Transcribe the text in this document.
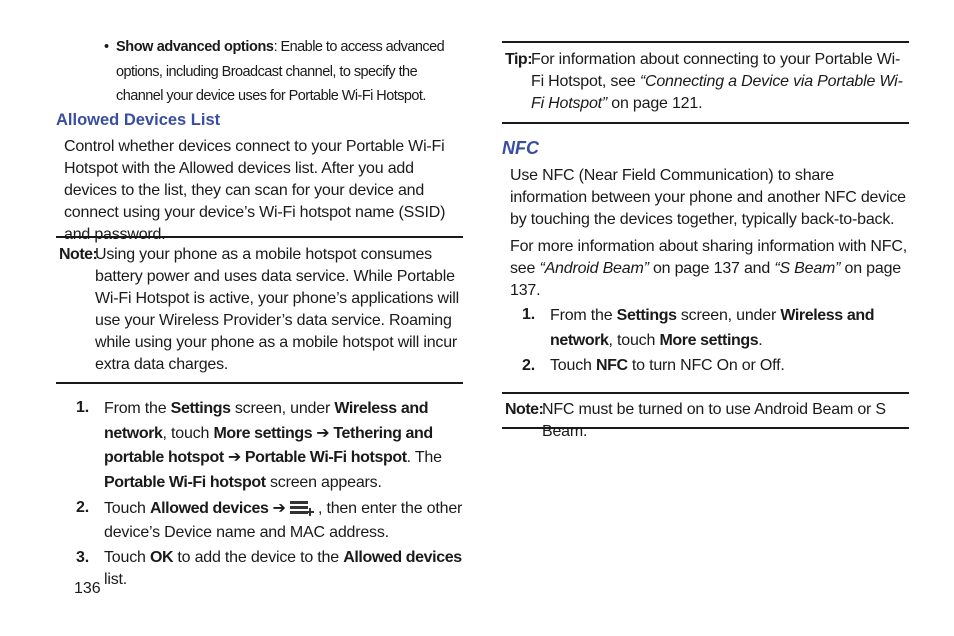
• Show advanced options: Enable to access advanced options, including Broadcast channel, to specify the channel your device uses for Portable Wi-Fi Hotspot.
Allowed Devices List
Control whether devices connect to your Portable Wi-Fi Hotspot with the Allowed devices list. After you add devices to the list, they can scan for your device and connect using your device’s Wi-Fi hotspot name (SSID) and password.
Note:
Using your phone as a mobile hotspot consumes battery power and uses data service. While Portable Wi-Fi Hotspot is active, your phone’s applications will use your Wireless Provider’s data service. Roaming while using your phone as a mobile hotspot will incur extra data charges.
1. From the Settings screen, under Wireless and network, touch More settings ➔ Tethering and portable hotspot ➔ Portable Wi-Fi hotspot. The Portable Wi-Fi hotspot screen appears.
2. Touch Allowed devices ➔
, then enter the other device’s Device name and MAC address.
3. Touch OK to add the device to the Allowed devices list.
136
Tip:
For information about connecting to your Portable Wi-Fi Hotspot, see “Connecting a Device via Portable Wi-Fi Hotspot” on page 121.
NFC
Use NFC (Near Field Communication) to share information between your phone and another NFC device by touching the devices together, typically back-to-back.
For more information about sharing information with NFC, see “Android Beam” on page 137 and “S Beam” on page 137.
1. From the Settings screen, under Wireless and network, touch More settings.
2. Touch NFC to turn NFC On or Off.
Note:
NFC must be turned on to use Android Beam or S Beam.
